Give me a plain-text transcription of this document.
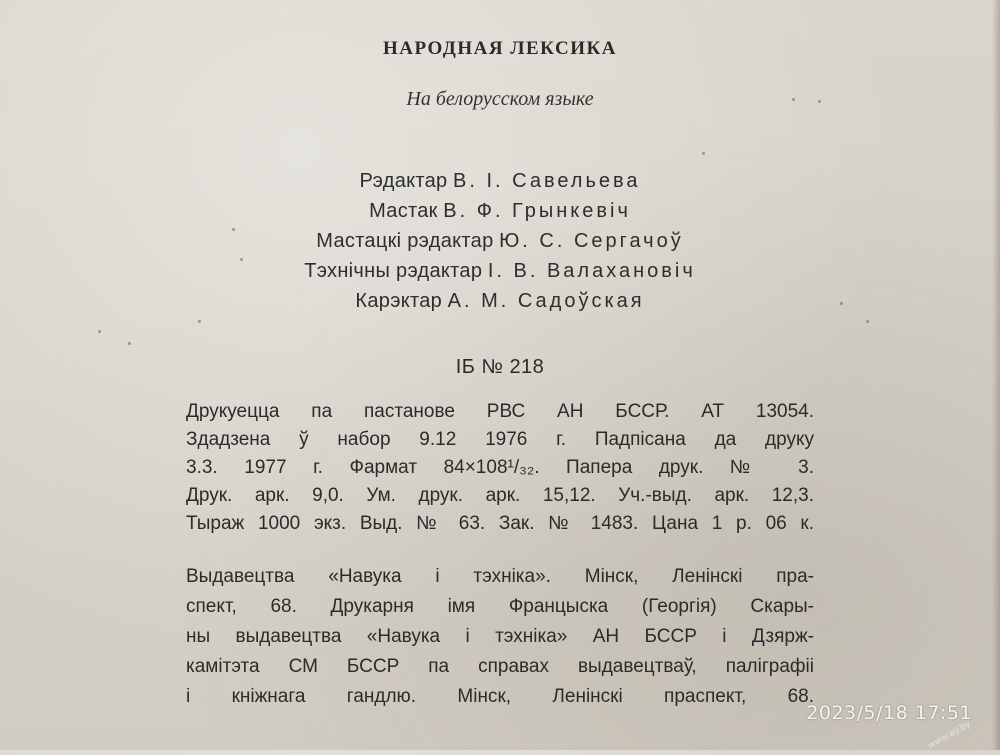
НАРОДНАЯ ЛЕКСИКА
На белорусском языке
Рэдактар В. І. Савельева
Мастак В. Ф. Грынкевіч
Мастацкі рэдактар Ю. С. Сергачоў
Тэхнічны рэдактар І. В. Валахановіч
Карэктар А. М. Садоўская
ІБ № 218
Друкуецца па пастанове РВС АН БССР. АТ 13054.
Здадзена ў набор 9.12 1976 г. Падпісана да друку
3.3. 1977 г. Фармат 84×108¹/₃₂. Папера друк. № 3.
Друк. арк. 9,0. Ум. друк. арк. 15,12. Уч.-выд. арк. 12,3.
Тыраж 1000 экз. Выд. № 63. Зак. № 1483. Цана 1 р. 06 к.
Выдавецтва «Навука і тэхніка». Мінск, Ленінскі пра-
спект, 68. Друкарня імя Францыска (Георгія) Скары-
ны выдавецтва «Навука і тэхніка» АН БССР і Дзярж-
камітэта СМ БССР па справах выдавецтваў, паліграфіі
і кніжнага гандлю. Мінск, Ленінскі праспект, 68.
www.ay.by
2023/5/18 17:51
